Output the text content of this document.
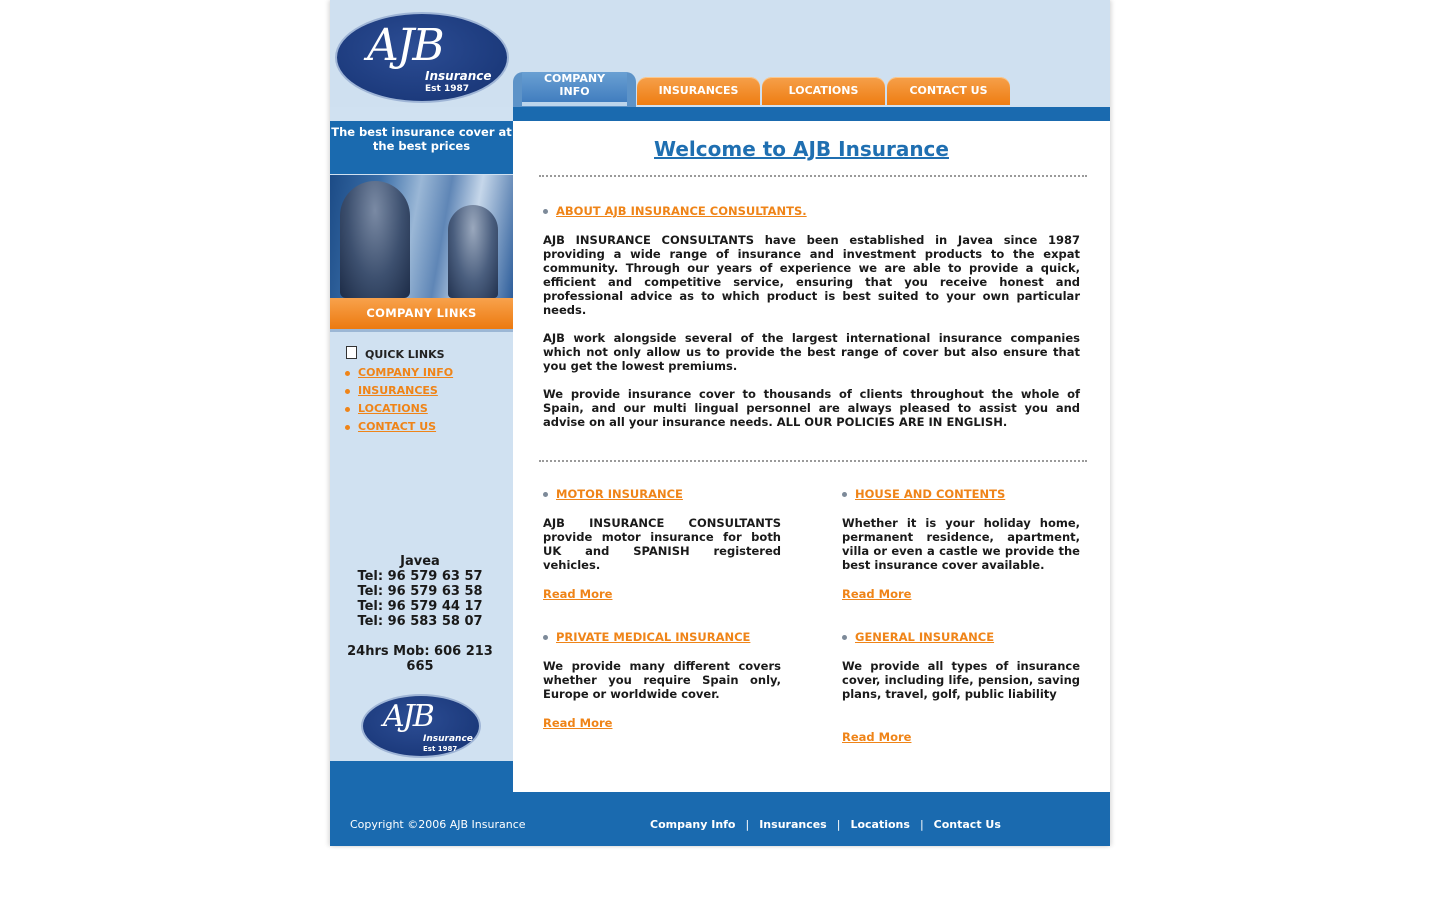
AJB
Insurance
Est 1987
COMPANY
INFO	INSURANCES	LOCATIONS	CONTACT US
The best insurance cover at the best prices
COMPANY LINKS
QUICK LINKS
COMPANY INFO
INSURANCES
LOCATIONS
CONTACT US
Javea
Tel: 96 579 63 57
Tel: 96 579 63 58
Tel: 96 579 44 17
Tel: 96 583 58 07
24hrs Mob: 606 213 665
AJB
Insurance
Est 1987
Welcome to AJB Insurance
ABOUT AJB INSURANCE CONSULTANTS.

AJB INSURANCE CONSULTANTS have been established in Javea since 1987 providing a wide range of insurance and investment products to the expat community. Through our years of experience we are able to provide a quick, efficient and competitive service, ensuring that you receive honest and professional advice as to which product is best suited to your own particular needs.

AJB work alongside several of the largest international insurance companies which not only allow us to provide the best range of cover but also ensure that you get the lowest premiums.

We provide insurance cover to thousands of clients throughout the whole of Spain, and our multi lingual personnel are always pleased to assist you and advise on all your insurance needs. ALL OUR POLICIES ARE IN ENGLISH.

MOTOR INSURANCE

AJB INSURANCE CONSULTANTS provide motor insurance for both UK and SPANISH registered vehicles.

Read More
HOUSE AND CONTENTS

Whether it is your holiday home, permanent residence, apartment, villa or even a castle we provide the best insurance cover available.

Read More
PRIVATE MEDICAL INSURANCE

We provide many different covers whether you require Spain only, Europe or worldwide cover.

Read More
GENERAL INSURANCE

We provide all types of insurance cover, including life, pension, saving plans, travel, golf, public liability

Read More
Copyright ©2006 AJB Insurance	Company Info | Insurances | Locations | Contact Us
